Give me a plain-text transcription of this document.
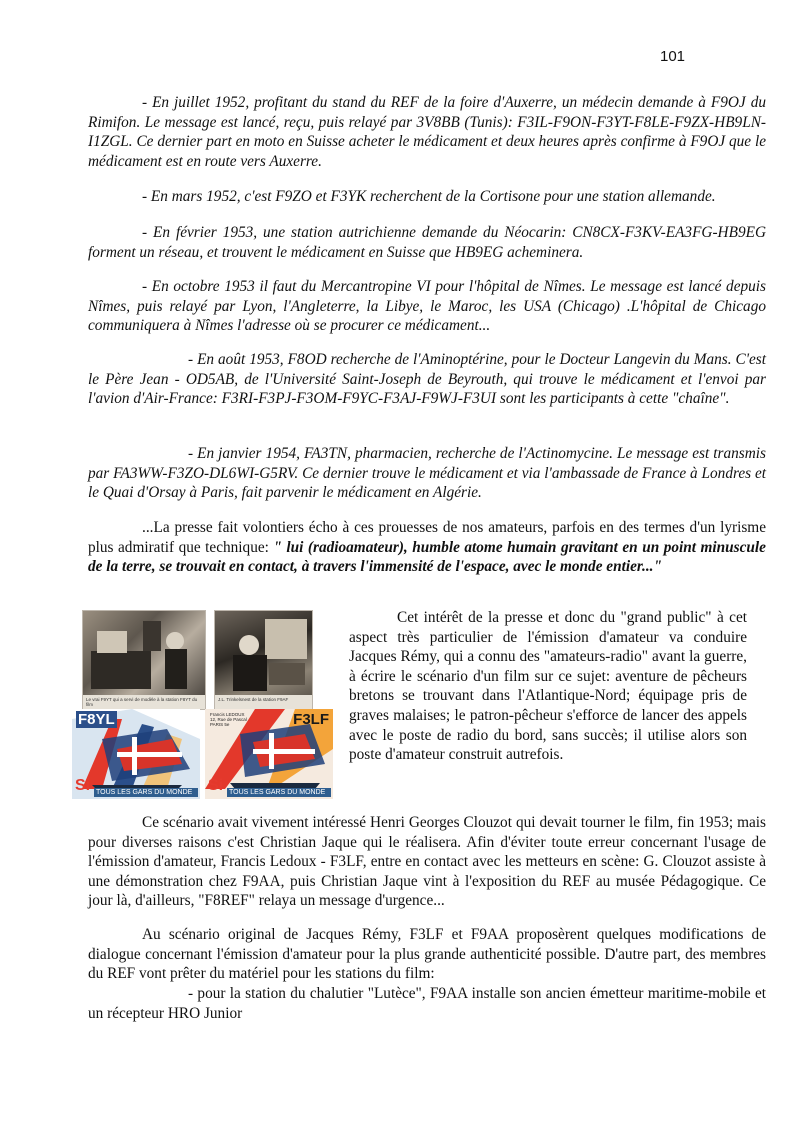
101

- En juillet 1952, profitant du stand du REF de la foire d'Auxerre, un médecin demande à F9OJ du Rimifon. Le message est lancé, reçu, puis relayé par 3V8BB (Tunis): F3IL-F9ON-F3YT-F8LE-F9ZX-HB9LN-I1ZGL. Ce dernier part en moto en Suisse acheter le médicament et deux heures après confirme à F9OJ que le médicament est en route vers Auxerre.

- En mars 1952, c'est F9ZO et F3YK recherchent de la Cortisone pour une station allemande.

- En février 1953, une station autrichienne demande du Néocarin: CN8CX-F3KV-EA3FG-HB9EG forment un réseau, et trouvent le médicament en Suisse que HB9EG acheminera.

- En octobre 1953 il faut du Mercantropine VI pour l'hôpital de Nîmes. Le message est lancé depuis Nîmes, puis relayé par Lyon, l'Angleterre, la Libye, le Maroc, les USA (Chicago) .L'hôpital de Chicago communiquera à Nîmes l'adresse où se procurer ce médicament...

- En août 1953, F8OD recherche de l'Aminoptérine, pour le Docteur Langevin du Mans. C'est le Père Jean - OD5AB, de l'Université Saint-Joseph de Beyrouth, qui trouve le médicament et l'envoi par l'avion d'Air-France: F3RI-F3PJ-F3OM-F9YC-F3AJ-F9WJ-F3UI sont les participants à cette "chaîne".

- En janvier 1954, FA3TN, pharmacien, recherche de l'Actinomycine. Le message est transmis par FA3WW-F3ZO-DL6WI-G5RV. Ce dernier trouve le médicament et via l'ambassade de France à Londres et le Quai d'Orsay à Paris, fait parvenir le médicament en Algérie.

...La presse fait volontiers écho à ces prouesses de nos amateurs, parfois en des termes d'un lyrisme plus admiratif que technique: " lui (radioamateur), humble atome humain gravitant en un point minuscule de la terre, se trouvait en contact, à travers l'immensité de l'espace, avec le monde entier..."

Le vrai F9YT qui a servi de modèle à la station F8YT du film
J.L. Trinkelsnest de la station F9AF
F8YL
Si TOUS LES GARS DU MONDE
Francis LEDOUX 12, Rue de Pascal PARIS 5e	F3LF
Si TOUS LES GARS DU MONDE

Cet intérêt de la presse et donc du "grand public" à cet aspect très particulier de l'émission d'amateur va conduire Jacques Rémy, qui a connu des "amateurs-radio" avant la guerre, à écrire le scénario d'un film sur ce sujet: aventure de pêcheurs bretons se trouvant dans l'Atlantique-Nord; équipage pris de graves malaises; le patron-pêcheur s'efforce de lancer des appels avec le poste de radio du bord, sans succès; il utilise alors son poste d'amateur construit autrefois.

Ce scénario avait vivement intéressé Henri Georges Clouzot qui devait tourner le film, fin 1953; mais pour diverses raisons c'est Christian Jaque qui le réalisera. Afin d'éviter toute erreur concernant l'usage de l'émission d'amateur, Francis Ledoux - F3LF, entre en contact avec les metteurs en scène: G. Clouzot assiste à une démonstration chez F9AA, puis Christian Jaque vint à l'exposition du REF au musée Pédagogique. Ce jour là, d'ailleurs, "F8REF" relaya un message d'urgence...

Au scénario original de Jacques Rémy, F3LF et F9AA proposèrent quelques modifications de dialogue concernant l'émission d'amateur pour la plus grande authenticité possible. D'autre part, des membres du REF vont prêter du matériel pour les stations du film:

- pour la station du chalutier "Lutèce", F9AA installe son ancien émetteur maritime-mobile et un récepteur HRO Junior
